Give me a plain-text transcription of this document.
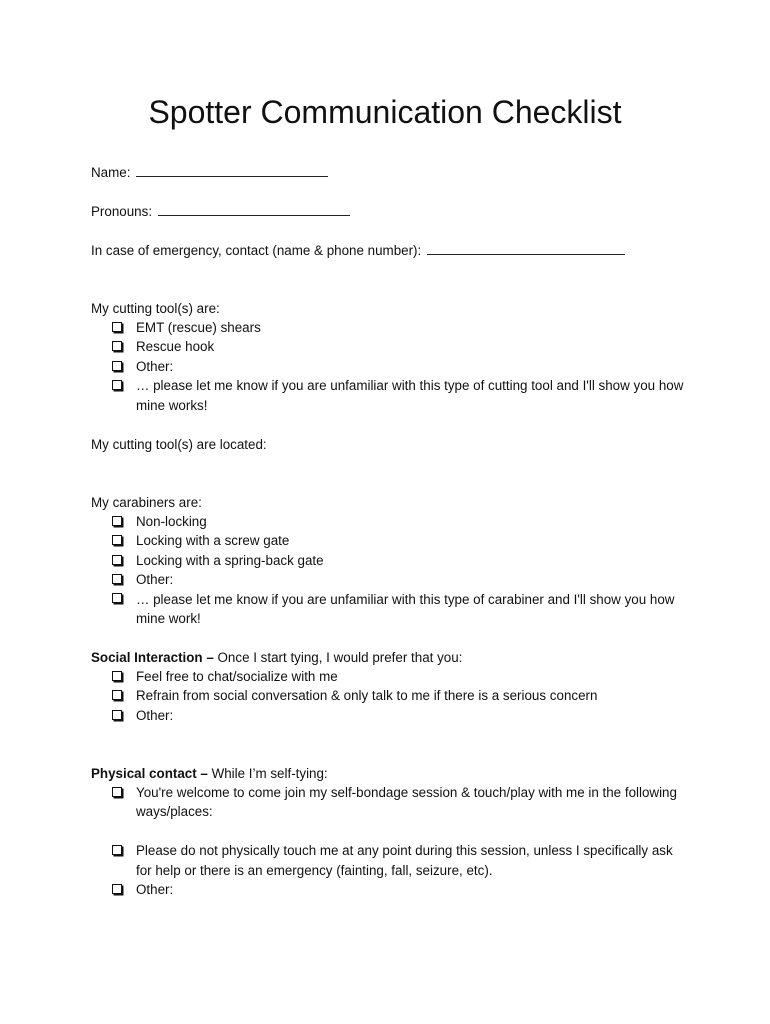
Spotter Communication Checklist
Name:
Pronouns:
In case of emergency, contact (name & phone number):
My cutting tool(s) are:
EMT (rescue) shears
Rescue hook
Other:
… please let me know if you are unfamiliar with this type of cutting tool and I'll show you how mine works!
My cutting tool(s) are located:
My carabiners are:
Non-locking
Locking with a screw gate
Locking with a spring-back gate
Other:
… please let me know if you are unfamiliar with this type of carabiner and I'll show you how mine work!
Social Interaction – Once I start tying, I would prefer that you:
Feel free to chat/socialize with me
Refrain from social conversation & only talk to me if there is a serious concern
Other:
Physical contact – While I’m self-tying:
You're welcome to come join my self-bondage session & touch/play with me in the following ways/places:
Please do not physically touch me at any point during this session, unless I specifically ask for help or there is an emergency (fainting, fall, seizure, etc).
Other:
